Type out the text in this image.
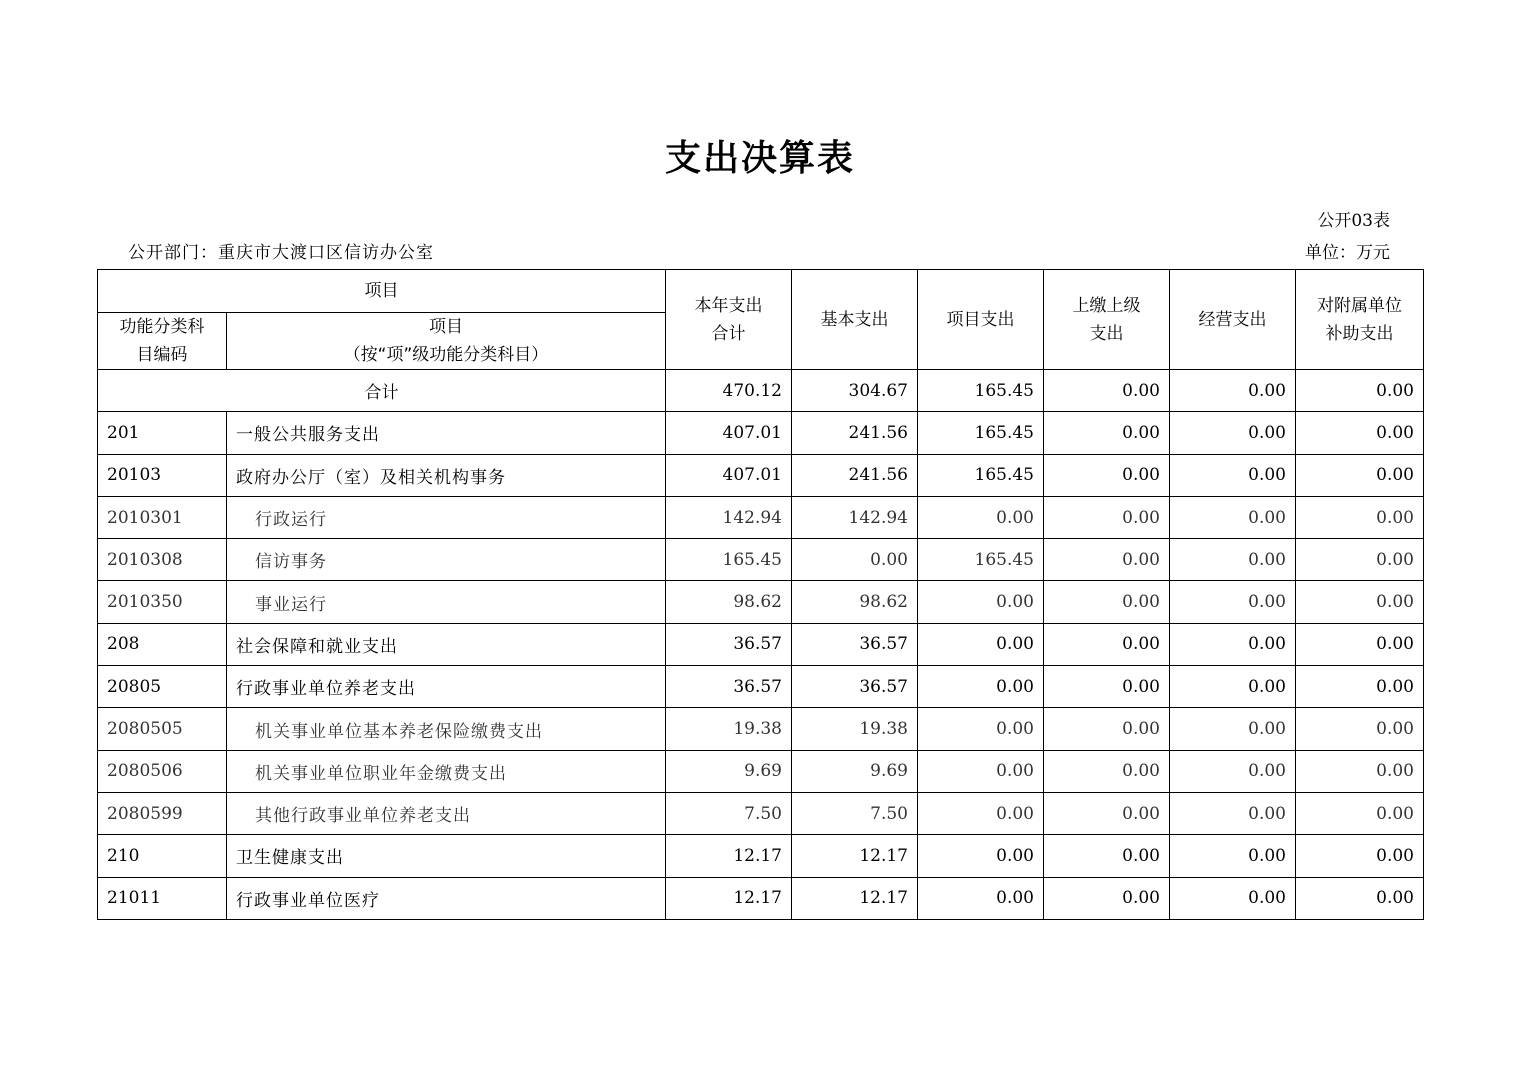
支出决算表
公开03表
公开部门：重庆市大渡口区信访办公室	单位：万元
项目		本年支出合计	基本支出	项目支出	上缴上级支出	经营支出	对附属单位补助支出
功能分类科目编码	项目
（按“项”级功能分类科目）						

合计		470.12	304.67	165.45	0.00	0.00	0.00
201	一般公共服务支出	407.01	241.56	165.45	0.00	0.00	0.00
20103	政府办公厅（室）及相关机构事务	407.01	241.56	165.45	0.00	0.00	0.00
2010301	行政运行	142.94	142.94	0.00	0.00	0.00	0.00
2010308	信访事务	165.45	0.00	165.45	0.00	0.00	0.00
2010350	事业运行	98.62	98.62	0.00	0.00	0.00	0.00
208	社会保障和就业支出	36.57	36.57	0.00	0.00	0.00	0.00
20805	行政事业单位养老支出	36.57	36.57	0.00	0.00	0.00	0.00
2080505	机关事业单位基本养老保险缴费支出	19.38	19.38	0.00	0.00	0.00	0.00
2080506	机关事业单位职业年金缴费支出	9.69	9.69	0.00	0.00	0.00	0.00
2080599	其他行政事业单位养老支出	7.50	7.50	0.00	0.00	0.00	0.00
210	卫生健康支出	12.17	12.17	0.00	0.00	0.00	0.00
21011	行政事业单位医疗	12.17	12.17	0.00	0.00	0.00	0.00
